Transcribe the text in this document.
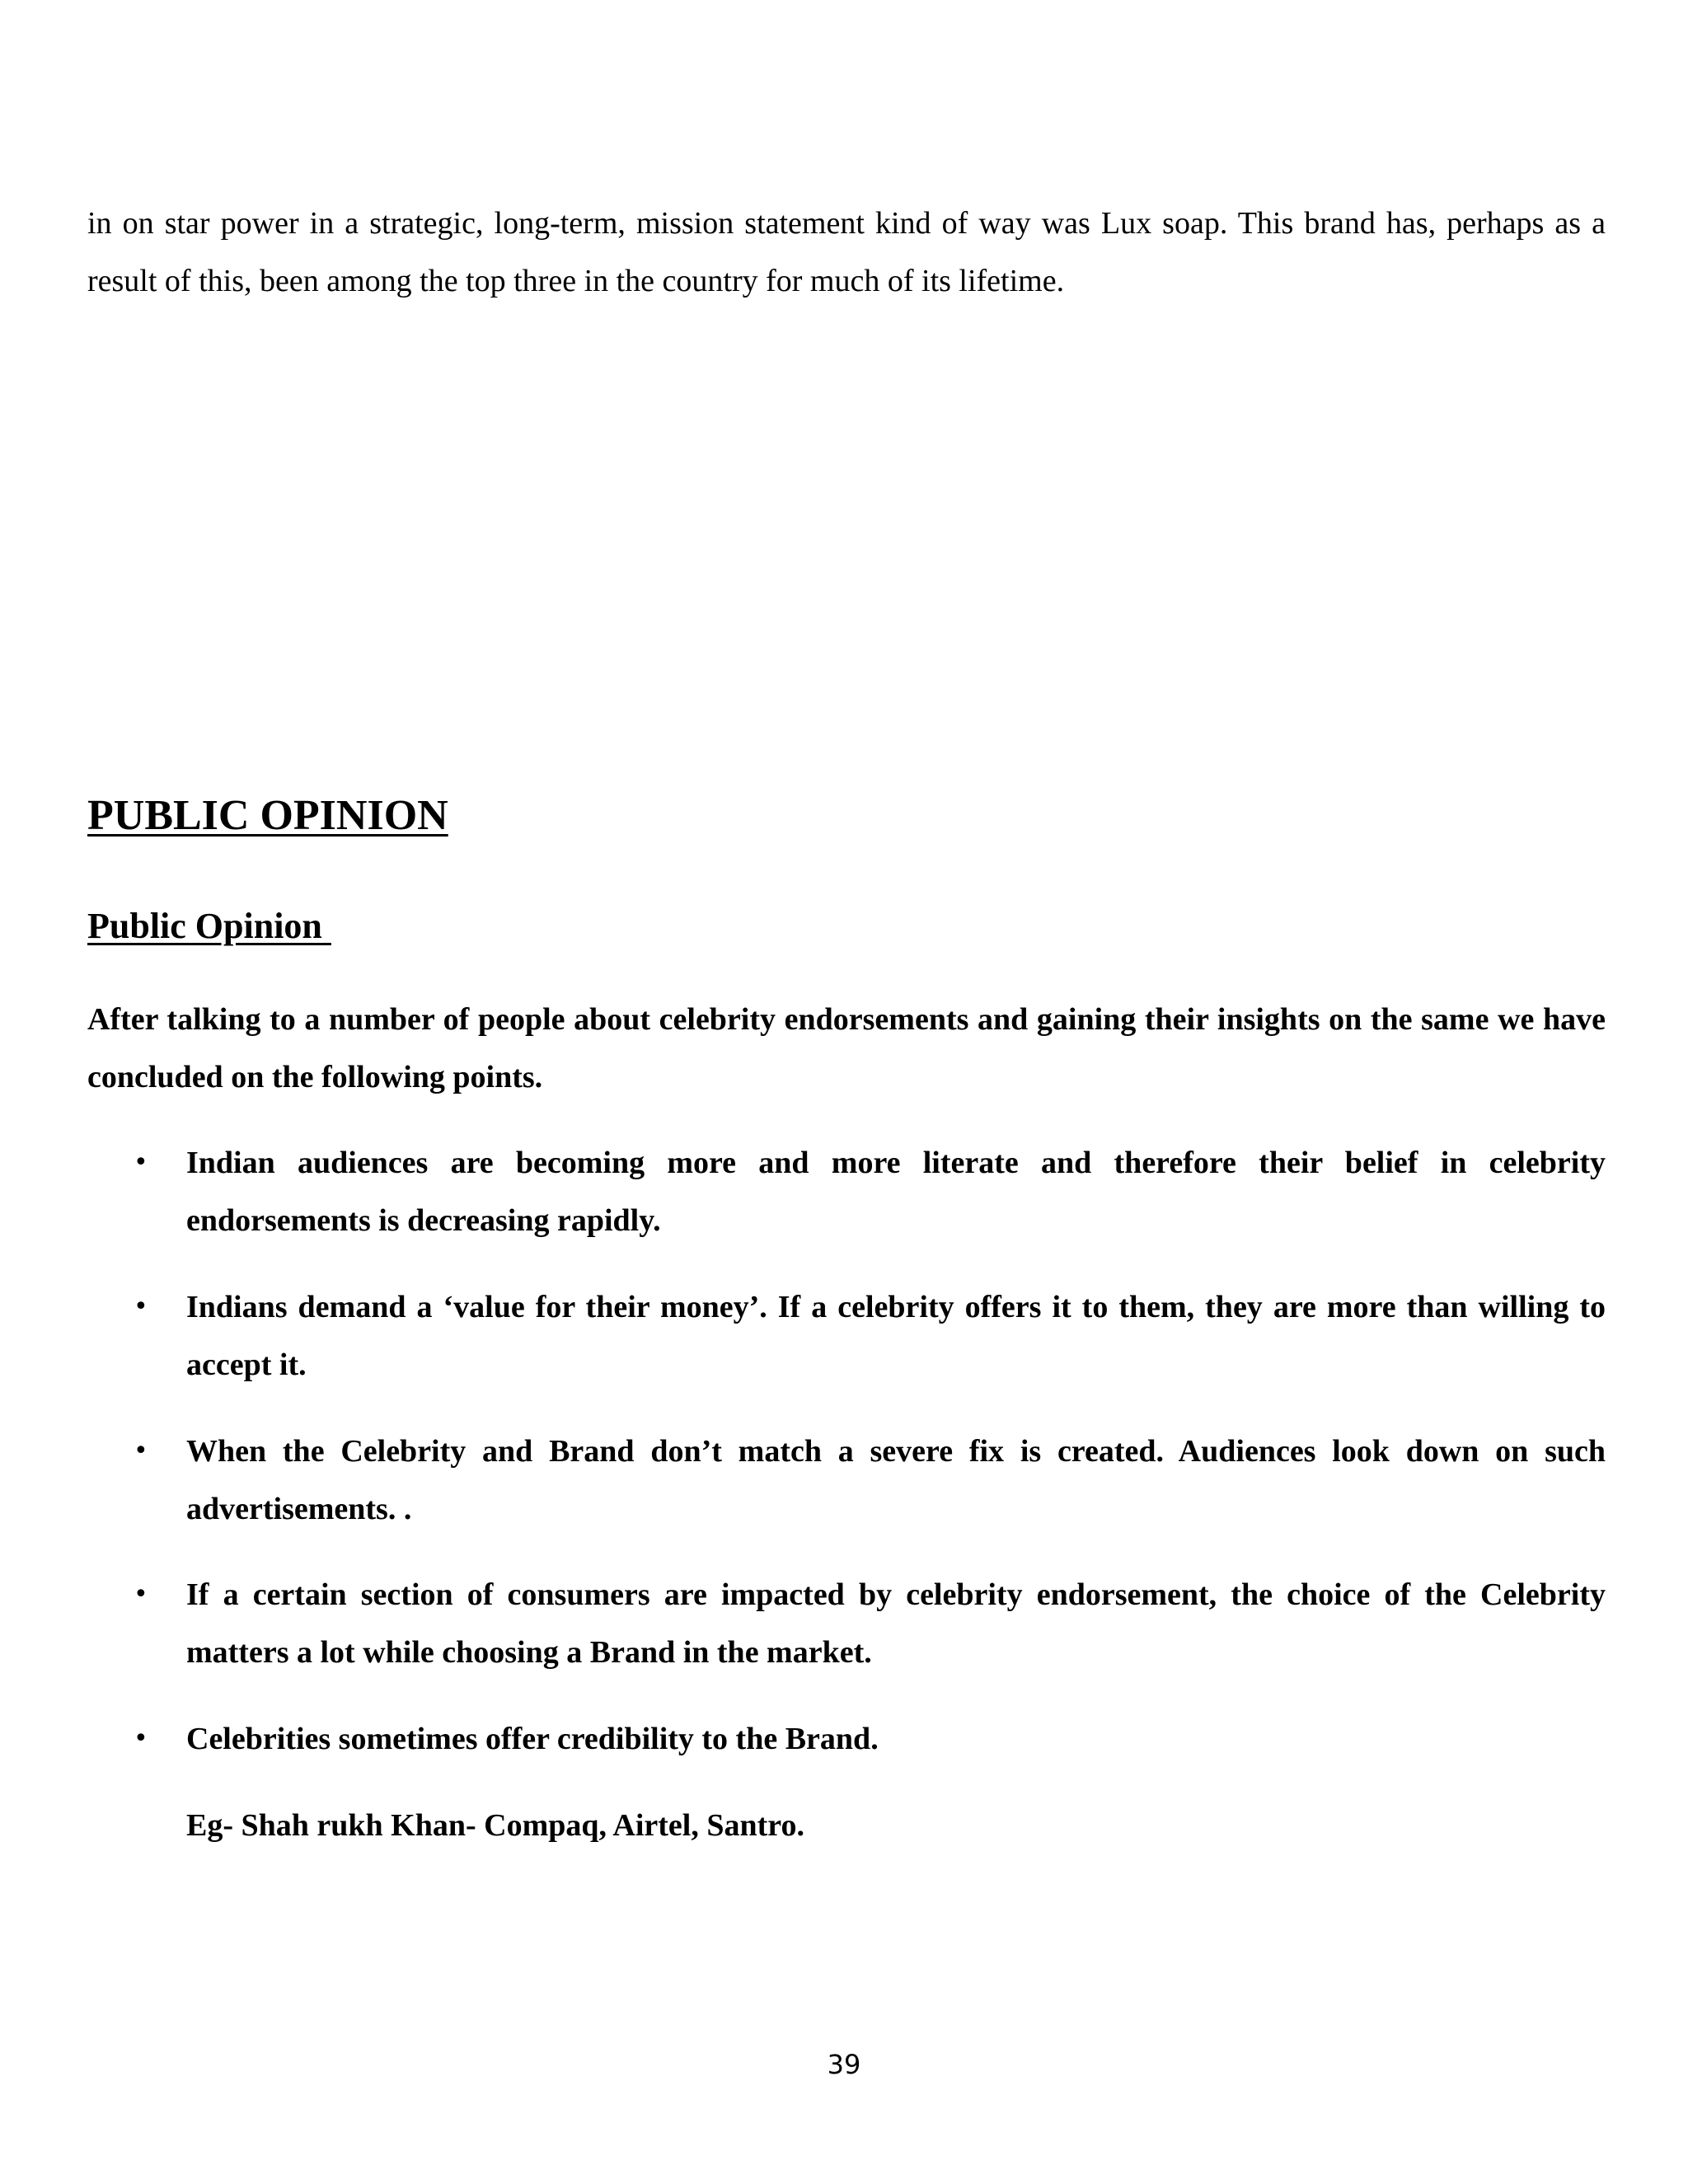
in on star power in a strategic, long-term, mission statement kind of way was Lux soap. This brand has, perhaps as a result of this, been among the top three in the country for much of its lifetime.

PUBLIC OPINION
Public Opinion

After talking to a number of people about celebrity endorsements and gaining their insights on the same we have concluded on the following points.

• Indian audiences are becoming more and more literate and therefore their belief in celebrity endorsements is decreasing rapidly.
• Indians demand a ‘value for their money’. If a celebrity offers it to them, they are more than willing to accept it.
• When the Celebrity and Brand don’t match a severe fix is created. Audiences look down on such advertisements. .
• If a certain section of consumers are impacted by celebrity endorsement, the choice of the Celebrity matters a lot while choosing a Brand in the market.
• Celebrities sometimes offer credibility to the Brand.

Eg- Shah rukh Khan- Compaq, Airtel, Santro.

39
